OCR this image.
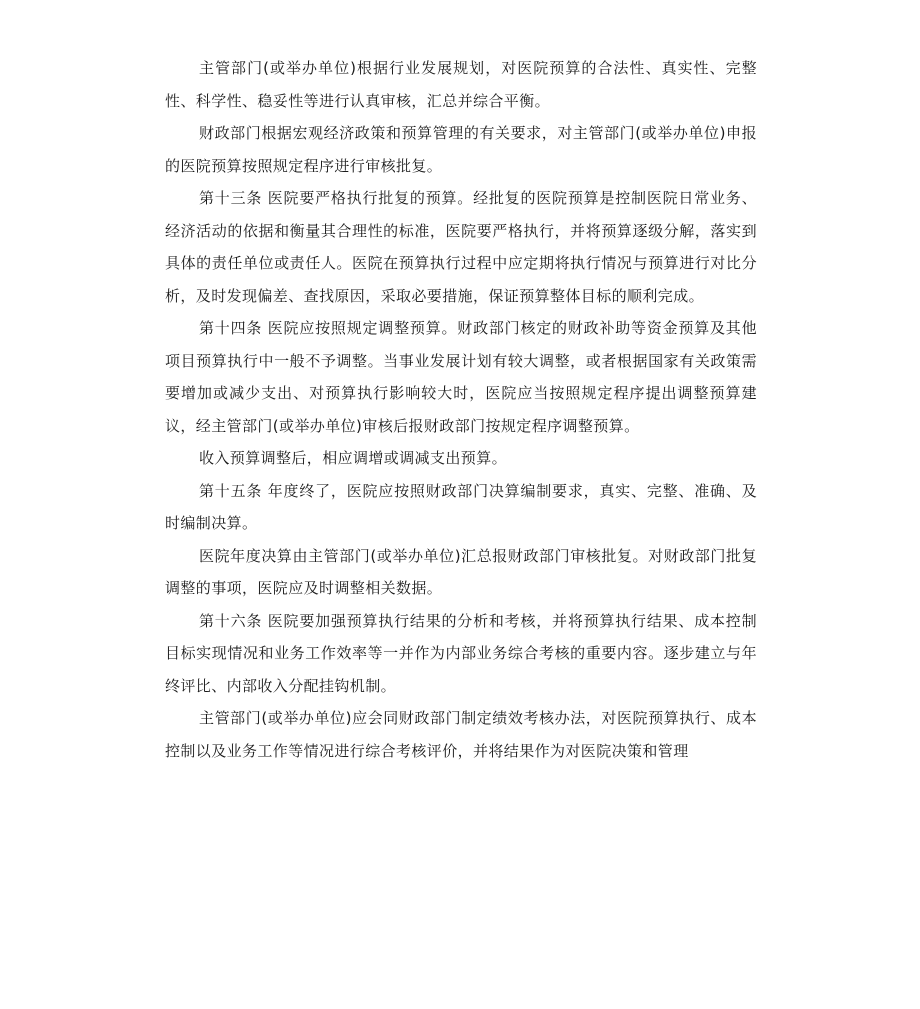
主管部门(或举办单位)根据行业发展规划，对医院预算的合法性、真实性、完整性、科学性、稳妥性等进行认真审核，汇总并综合平衡。

财政部门根据宏观经济政策和预算管理的有关要求，对主管部门(或举办单位)申报的医院预算按照规定程序进行审核批复。

第十三条 医院要严格执行批复的预算。经批复的医院预算是控制医院日常业务、经济活动的依据和衡量其合理性的标准，医院要严格执行，并将预算逐级分解，落实到具体的责任单位或责任人。医院在预算执行过程中应定期将执行情况与预算进行对比分析，及时发现偏差、查找原因，采取必要措施，保证预算整体目标的顺利完成。

第十四条 医院应按照规定调整预算。财政部门核定的财政补助等资金预算及其他项目预算执行中一般不予调整。当事业发展计划有较大调整，或者根据国家有关政策需要增加或减少支出、对预算执行影响较大时，医院应当按照规定程序提出调整预算建议，经主管部门(或举办单位)审核后报财政部门按规定程序调整预算。

收入预算调整后，相应调增或调减支出预算。

第十五条 年度终了，医院应按照财政部门决算编制要求，真实、完整、准确、及时编制决算。

医院年度决算由主管部门(或举办单位)汇总报财政部门审核批复。对财政部门批复调整的事项，医院应及时调整相关数据。

第十六条 医院要加强预算执行结果的分析和考核，并将预算执行结果、成本控制目标实现情况和业务工作效率等一并作为内部业务综合考核的重要内容。逐步建立与年终评比、内部收入分配挂钩机制。

主管部门(或举办单位)应会同财政部门制定绩效考核办法，对医院预算执行、成本控制以及业务工作等情况进行综合考核评价，并将结果作为对医院决策和管理
